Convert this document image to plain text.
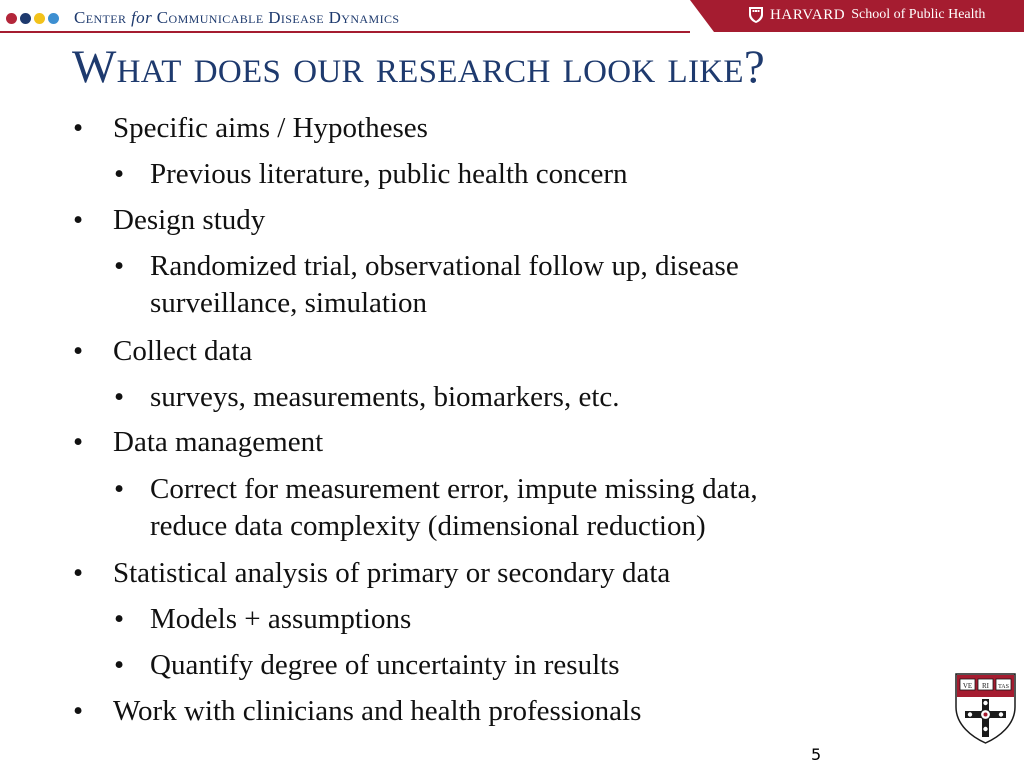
Center for Communicable Disease Dynamics	HARVARD School of Public Health
What does our research look like?
• Specific aims / Hypotheses
• Previous literature, public health concern
• Design study
• Randomized trial, observational follow up, disease
surveillance, simulation
• Collect data
• surveys, measurements, biomarkers, etc.
• Data management
• Correct for measurement error, impute missing data,
reduce data complexity (dimensional reduction)
• Statistical analysis of primary or secondary data
• Models + assumptions
• Quantify degree of uncertainty in results
• Work with clinicians and health professionals
VE RI TAS
5
